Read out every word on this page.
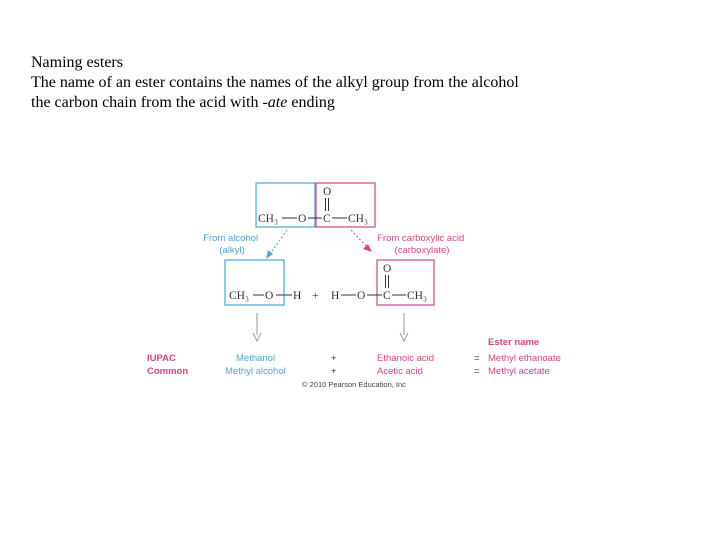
Naming esters
The name of an ester contains the names of the alkyl group from the alcohol
the carbon chain from the acid with -ate ending
CH₃ O C CH₃
O
From alcohol (alkyl)
From carboxylic acid (carboxylate)
CH₃ O H + H O C CH₃
O
Ester name
IUPAC	Methanol	+	Ethanoic acid	= Methyl ethanoate
Common	Methyl alcohol	+	Acetic acid	= Methyl acetate
© 2010 Pearson Education, Inc
